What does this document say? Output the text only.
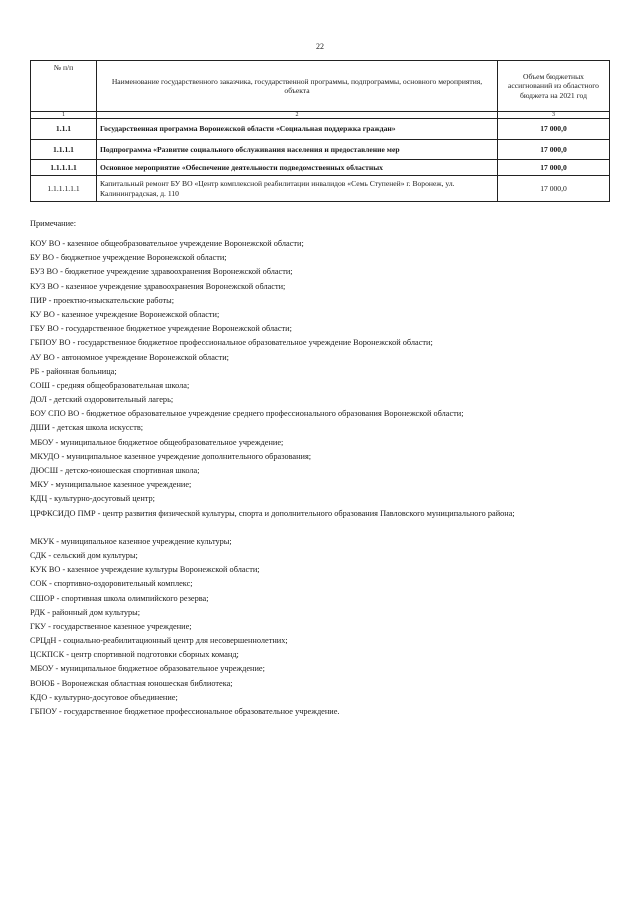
22
№ п/п	Наименование государственного заказчика, государственной программы, подпрограммы, основного мероприятия, объекта	Объем бюджетных ассигнований из областного бюджета на 2021 год
1	2	3
1.1.1	Государственная программа Воронежской области «Социальная поддержка граждан»	17 000,0
1.1.1.1	Подпрограмма «Развитие социального обслуживания населения и предоставление мер	17 000,0
1.1.1.1.1	Основное мероприятие «Обеспечение деятельности подведомственных областных	17 000,0
1.1.1.1.1.1	Капитальный ремонт БУ ВО «Центр комплексной реабилитации инвалидов «Семь Ступеней» г. Воронеж, ул. Калининградская, д. 110	17 000,0
Примечание:
КОУ ВО - казенное общеобразовательное учреждение Воронежской области;
БУ ВО - бюджетное учреждение Воронежской области;
БУЗ ВО - бюджетное учреждение здравоохранения Воронежской области;
КУЗ ВО - казенное учреждение здравоохранения Воронежской области;
ПИР - проектно-изыскательские работы;
КУ ВО - казенное учреждение Воронежской области;
ГБУ ВО - государственное бюджетное учреждение Воронежской области;
ГБПОУ ВО - государственное бюджетное профессиональное образовательное учреждение Воронежской области;
АУ ВО - автономное учреждение Воронежской области;
РБ - районная больница;
СОШ - средняя общеобразовательная школа;
ДОЛ - детский оздоровительный лагерь;
БОУ СПО ВО - бюджетное образовательное учреждение среднего профессионального образования Воронежской области;
ДШИ - детская школа искусств;
МБОУ - муниципальное бюджетное общеобразовательное учреждение;
МКУДО - муниципальное казенное учреждение дополнительного образования;
ДЮСШ - детско-юношеская спортивная школа;
МКУ - муниципальное казенное учреждение;
КДЦ - культурно-досуговый центр;
ЦРФКСИДО ПМР - центр развития физической культуры, спорта и дополнительного образования Павловского муниципального района;
МКУК - муниципальное казенное учреждение культуры;
СДК - сельский дом культуры;
КУК ВО - казенное учреждение культуры Воронежской области;
СОК - спортивно-оздоровительный комплекс;
СШОР - спортивная школа олимпийского резерва;
РДК - районный дом культуры;
ГКУ - государственное казенное учреждение;
СРЦдН - социально-реабилитационный центр для несовершеннолетних;
ЦСКПСК - центр спортивной подготовки сборных команд;
МБОУ - муниципальное бюджетное образовательное учреждение;
ВОЮБ - Воронежская областная юношеская библиотека;
КДО - культурно-досуговое объединение;
ГБПОУ - государственное бюджетное профессиональное образовательное учреждение.
